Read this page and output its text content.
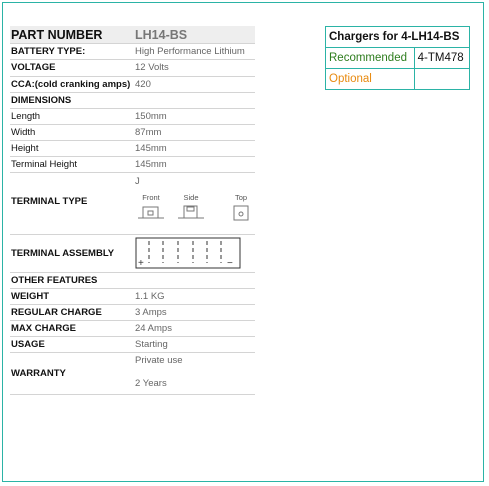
PART NUMBER	LH14-BS
BATTERY TYPE:	High Performance Lithium
VOLTAGE	12 Volts
CCA:(cold cranking amps) 420
DIMENSIONS
Length	150mm
Width	87mm
Height	145mm
Terminal Height	145mm
TERMINAL TYPE
J
Front	Side	Top
TERMINAL ASSEMBLY
+	−
OTHER FEATURES
WEIGHT	1.1 KG
REGULAR CHARGE	3 Amps
MAX CHARGE	24 Amps
USAGE	Starting
WARRANTY
Private use
2 Years
Chargers for 4-LH14-BS	
Recommended	4-TM478
Optional	
